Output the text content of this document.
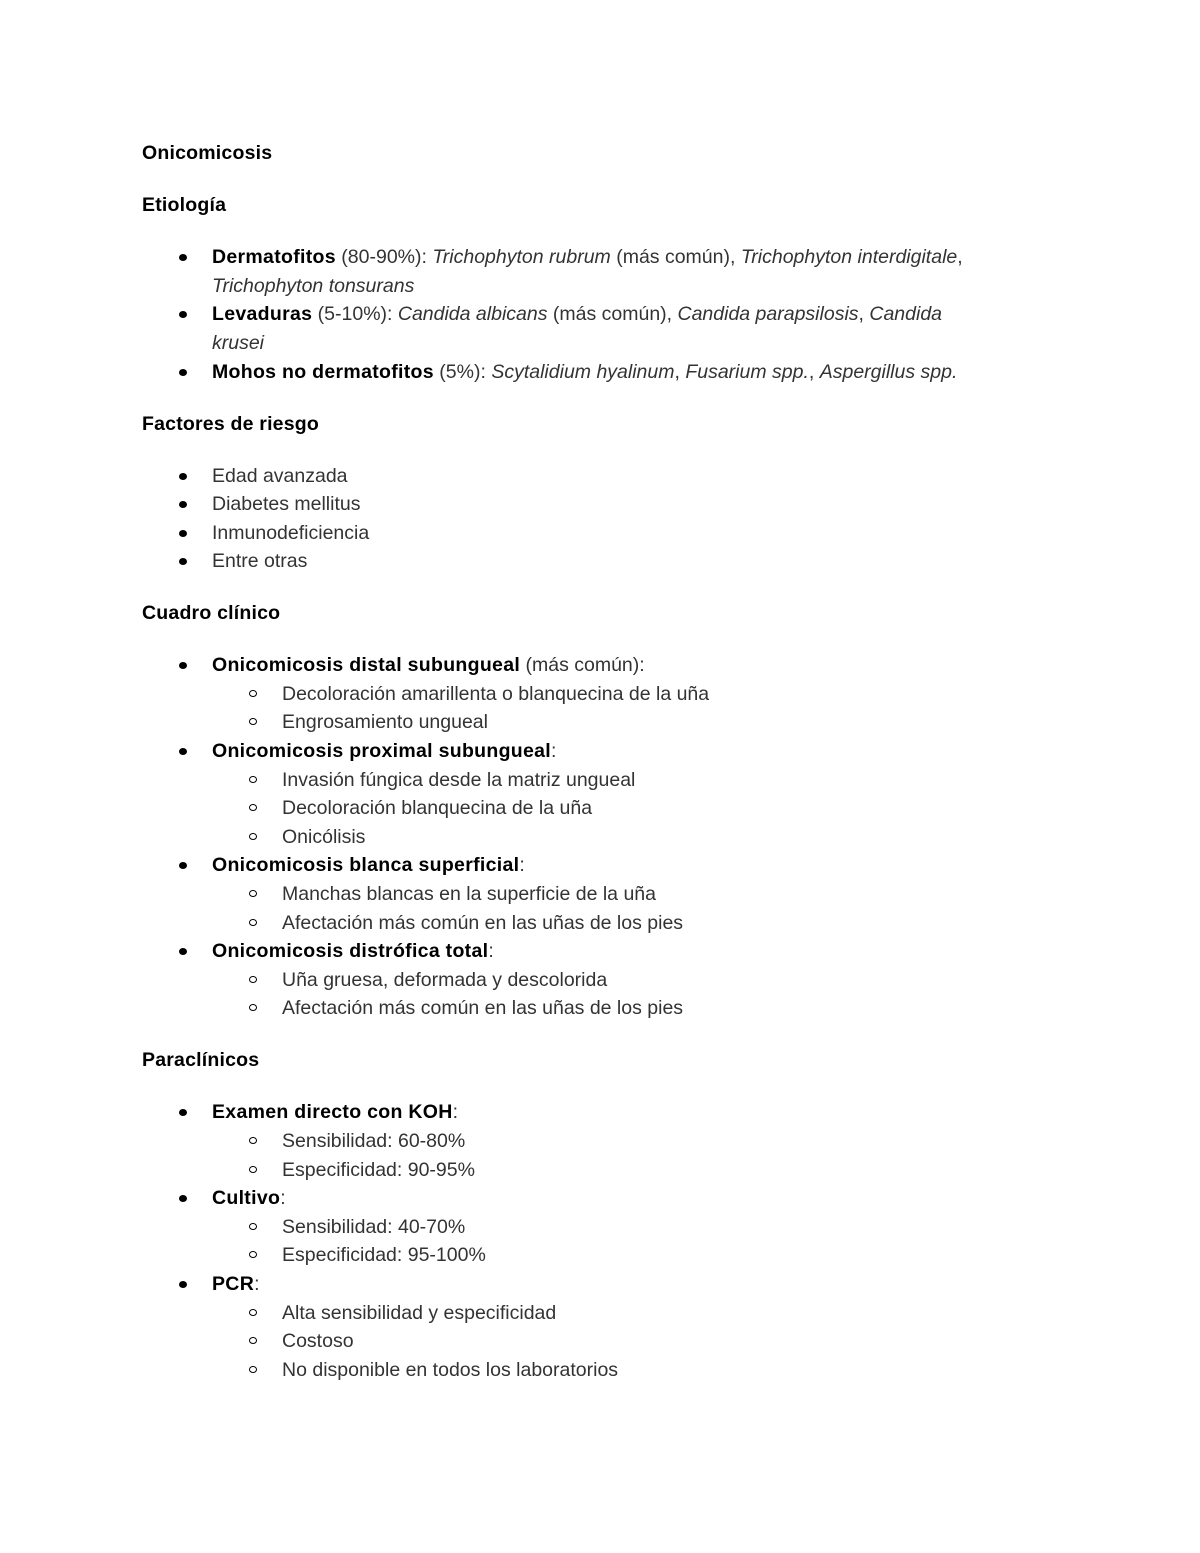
Onicomicosis
Etiología
Dermatofitos (80-90%): Trichophyton rubrum (más común), Trichophyton interdigitale,
Trichophyton tonsurans
Levaduras (5-10%): Candida albicans (más común), Candida parapsilosis, Candida
krusei
Mohos no dermatofitos (5%): Scytalidium hyalinum, Fusarium spp., Aspergillus spp.
Factores de riesgo
Edad avanzada
Diabetes mellitus
Inmunodeficiencia
Entre otras
Cuadro clínico
Onicomicosis distal subungueal (más común):
Decoloración amarillenta o blanquecina de la uña
Engrosamiento ungueal
Onicomicosis proximal subungueal:
Invasión fúngica desde la matriz ungueal
Decoloración blanquecina de la uña
Onicólisis
Onicomicosis blanca superficial:
Manchas blancas en la superficie de la uña
Afectación más común en las uñas de los pies
Onicomicosis distrófica total:
Uña gruesa, deformada y descolorida
Afectación más común en las uñas de los pies
Paraclínicos
Examen directo con KOH:
Sensibilidad: 60-80%
Especificidad: 90-95%
Cultivo:
Sensibilidad: 40-70%
Especificidad: 95-100%
PCR:
Alta sensibilidad y especificidad
Costoso
No disponible en todos los laboratorios
